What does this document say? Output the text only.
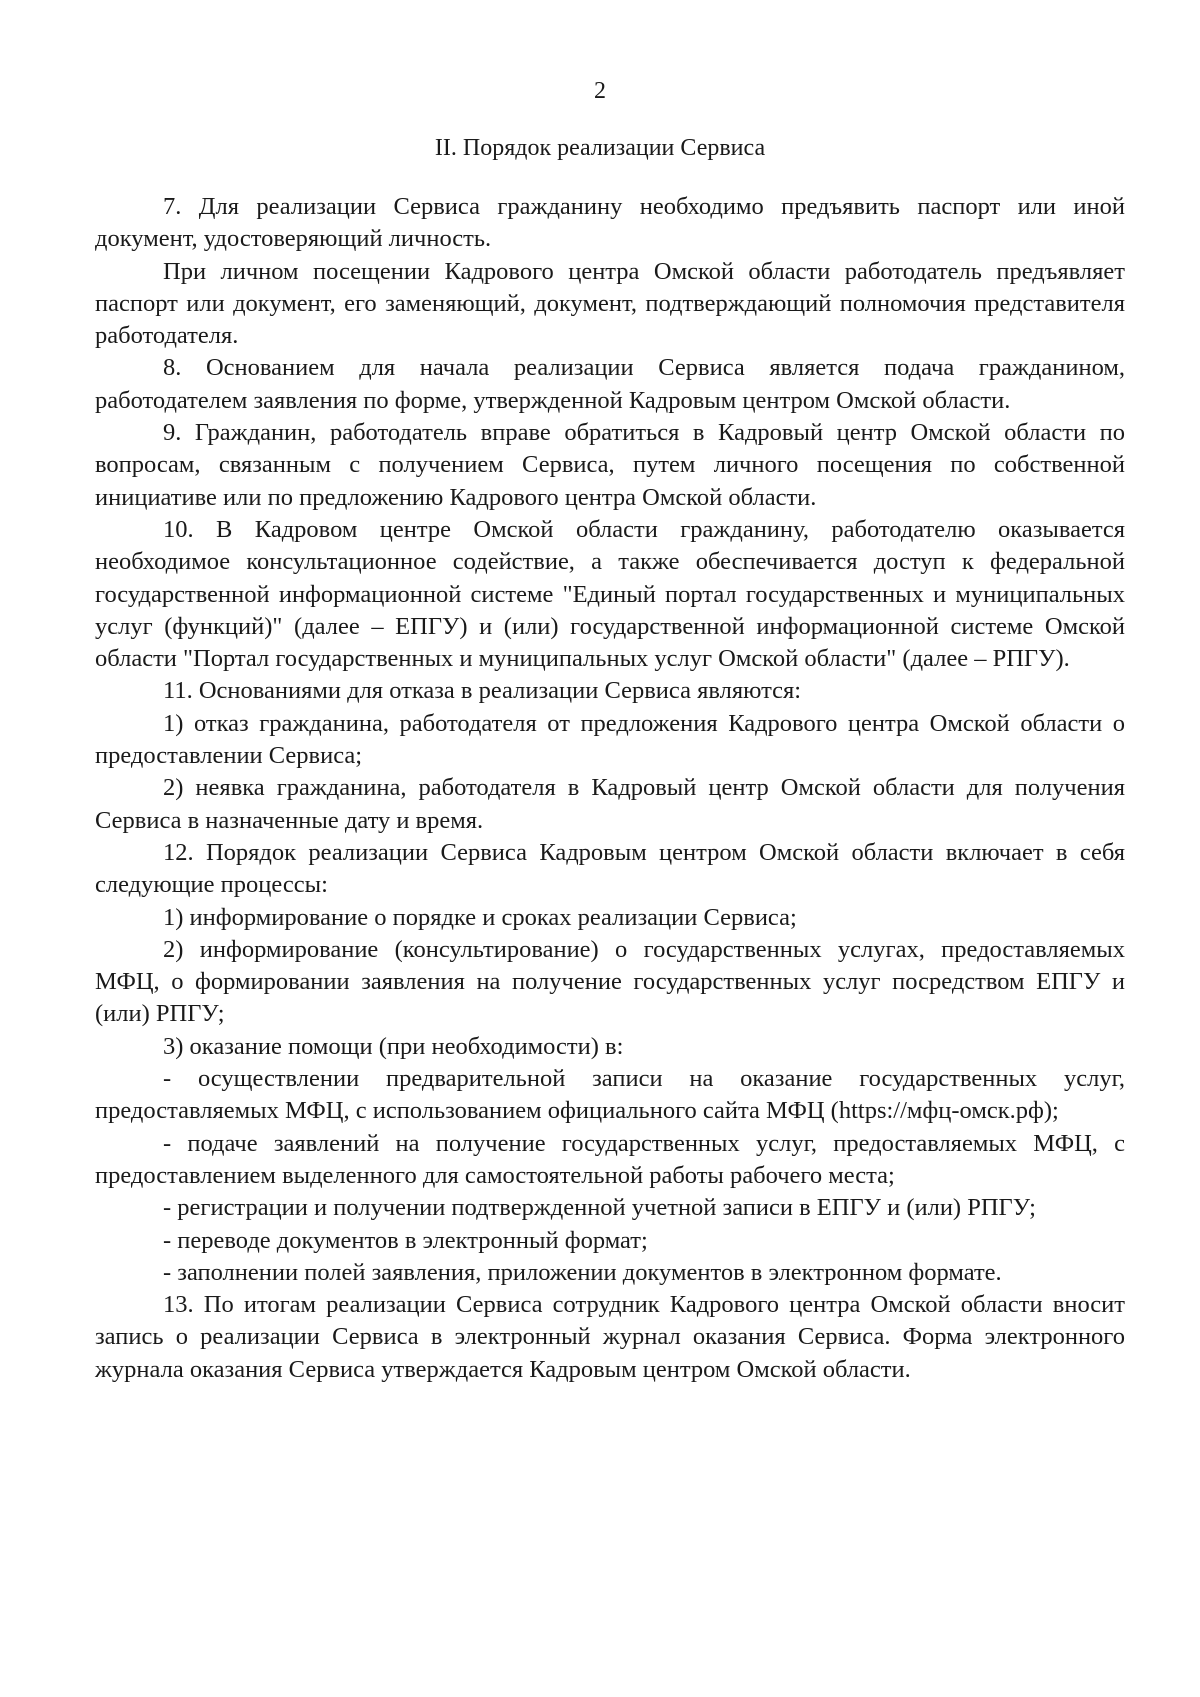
2
II. Порядок реализации Сервиса

7. Для реализации Сервиса гражданину необходимо предъявить паспорт или иной документ, удостоверяющий личность.

При личном посещении Кадрового центра Омской области работодатель предъявляет паспорт или документ, его заменяющий, документ, подтверждающий полномочия представителя работодателя.

8. Основанием для начала реализации Сервиса является подача гражданином, работодателем заявления по форме, утвержденной Кадровым центром Омской области.

9. Гражданин, работодатель вправе обратиться в Кадровый центр Омской области по вопросам, связанным с получением Сервиса, путем личного посещения по собственной инициативе или по предложению Кадрового центра Омской области.

10. В Кадровом центре Омской области гражданину, работодателю оказывается необходимое консультационное содействие, а также обеспечивается доступ к федеральной государственной информационной системе "Единый портал государственных и муниципальных услуг (функций)" (далее – ЕПГУ) и (или) государственной информационной системе Омской области "Портал государственных и муниципальных услуг Омской области" (далее – РПГУ).

11. Основаниями для отказа в реализации Сервиса являются:

1) отказ гражданина, работодателя от предложения Кадрового центра Омской области о предоставлении Сервиса;

2) неявка гражданина, работодателя в Кадровый центр Омской области для получения Сервиса в назначенные дату и время.

12. Порядок реализации Сервиса Кадровым центром Омской области включает в себя следующие процессы:

1) информирование о порядке и сроках реализации Сервиса;

2) информирование (консультирование) о государственных услугах, предоставляемых МФЦ, о формировании заявления на получение государственных услуг посредством ЕПГУ и (или) РПГУ;

3) оказание помощи (при необходимости) в:

- осуществлении предварительной записи на оказание государственных услуг, предоставляемых МФЦ, с использованием официального сайта МФЦ (https://мфц-омск.рф);

- подаче заявлений на получение государственных услуг, предоставляемых МФЦ, с предоставлением выделенного для самостоятельной работы рабочего места;

- регистрации и получении подтвержденной учетной записи в ЕПГУ и (или) РПГУ;

- переводе документов в электронный формат;

- заполнении полей заявления, приложении документов в электронном формате.

13. По итогам реализации Сервиса сотрудник Кадрового центра Омской области вносит запись о реализации Сервиса в электронный журнал оказания Сервиса. Форма электронного журнала оказания Сервиса утверждается Кадровым центром Омской области.
